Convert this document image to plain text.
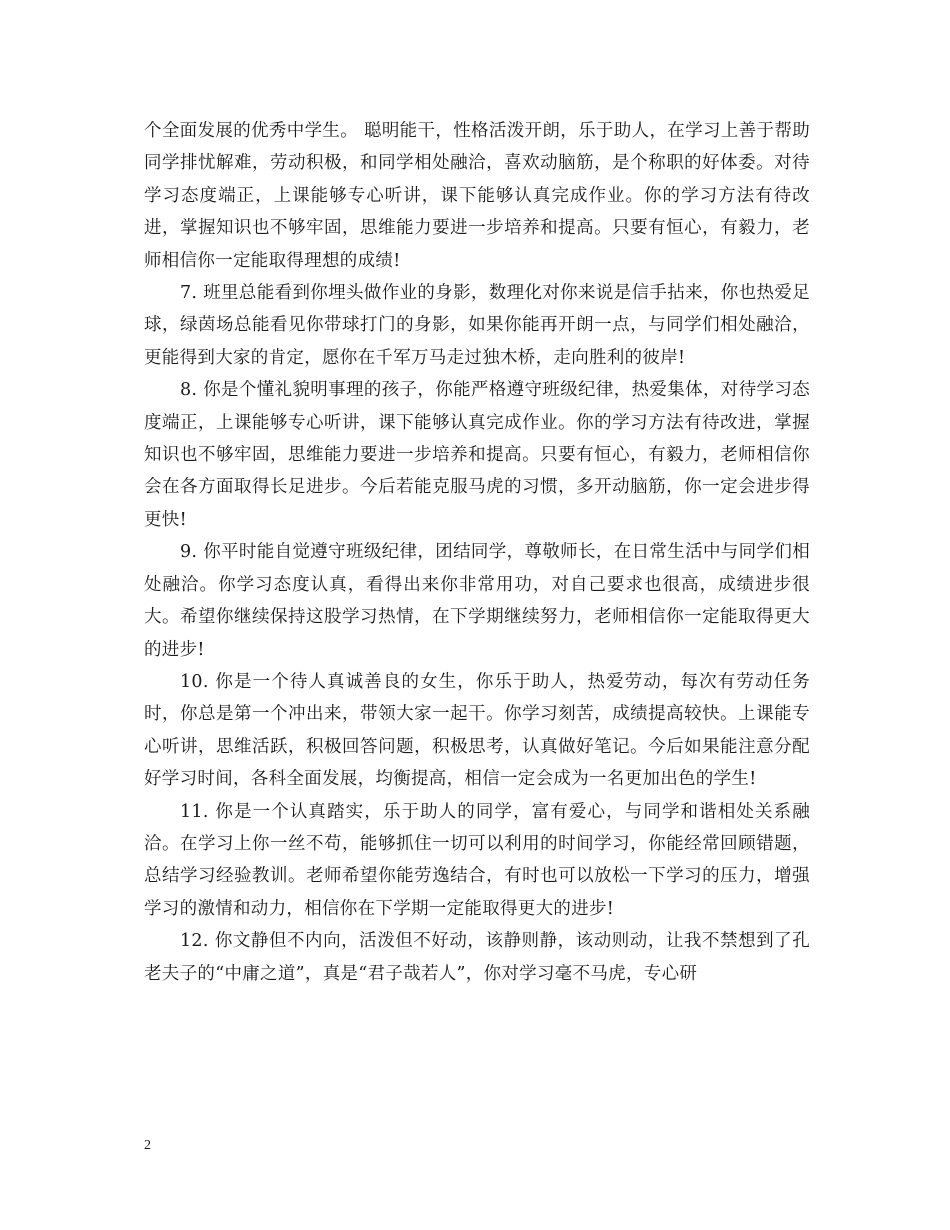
个全面发展的优秀中学生。 聪明能干，性格活泼开朗，乐于助人，在学习上善于帮助同学排忧解难，劳动积极，和同学相处融洽，喜欢动脑筋，是个称职的好体委。对待学习态度端正，上课能够专心听讲，课下能够认真完成作业。你的学习方法有待改进，掌握知识也不够牢固，思维能力要进一步培养和提高。只要有恒心，有毅力，老师相信你一定能取得理想的成绩!

7. 班里总能看到你埋头做作业的身影，数理化对你来说是信手拈来，你也热爱足球，绿茵场总能看见你带球打门的身影，如果你能再开朗一点，与同学们相处融洽，更能得到大家的肯定，愿你在千军万马走过独木桥，走向胜利的彼岸!

8. 你是个懂礼貌明事理的孩子，你能严格遵守班级纪律，热爱集体，对待学习态度端正，上课能够专心听讲，课下能够认真完成作业。你的学习方法有待改进，掌握知识也不够牢固，思维能力要进一步培养和提高。只要有恒心，有毅力，老师相信你会在各方面取得长足进步。今后若能克服马虎的习惯，多开动脑筋，你一定会进步得更快!

9. 你平时能自觉遵守班级纪律，团结同学，尊敬师长，在日常生活中与同学们相处融洽。你学习态度认真，看得出来你非常用功，对自己要求也很高，成绩进步很大。希望你继续保持这股学习热情，在下学期继续努力，老师相信你一定能取得更大的进步!

10. 你是一个待人真诚善良的女生，你乐于助人，热爱劳动，每次有劳动任务时，你总是第一个冲出来，带领大家一起干。你学习刻苦，成绩提高较快。上课能专心听讲，思维活跃，积极回答问题，积极思考，认真做好笔记。今后如果能注意分配好学习时间，各科全面发展，均衡提高，相信一定会成为一名更加出色的学生!

11. 你是一个认真踏实，乐于助人的同学，富有爱心，与同学和谐相处关系融洽。在学习上你一丝不苟，能够抓住一切可以利用的时间学习，你能经常回顾错题，总结学习经验教训。老师希望你能劳逸结合，有时也可以放松一下学习的压力，增强学习的激情和动力，相信你在下学期一定能取得更大的进步!

12. 你文静但不内向，活泼但不好动，该静则静，该动则动，让我不禁想到了孔老夫子的“中庸之道”，真是“君子哉若人”，你对学习毫不马虎，专心研

2
